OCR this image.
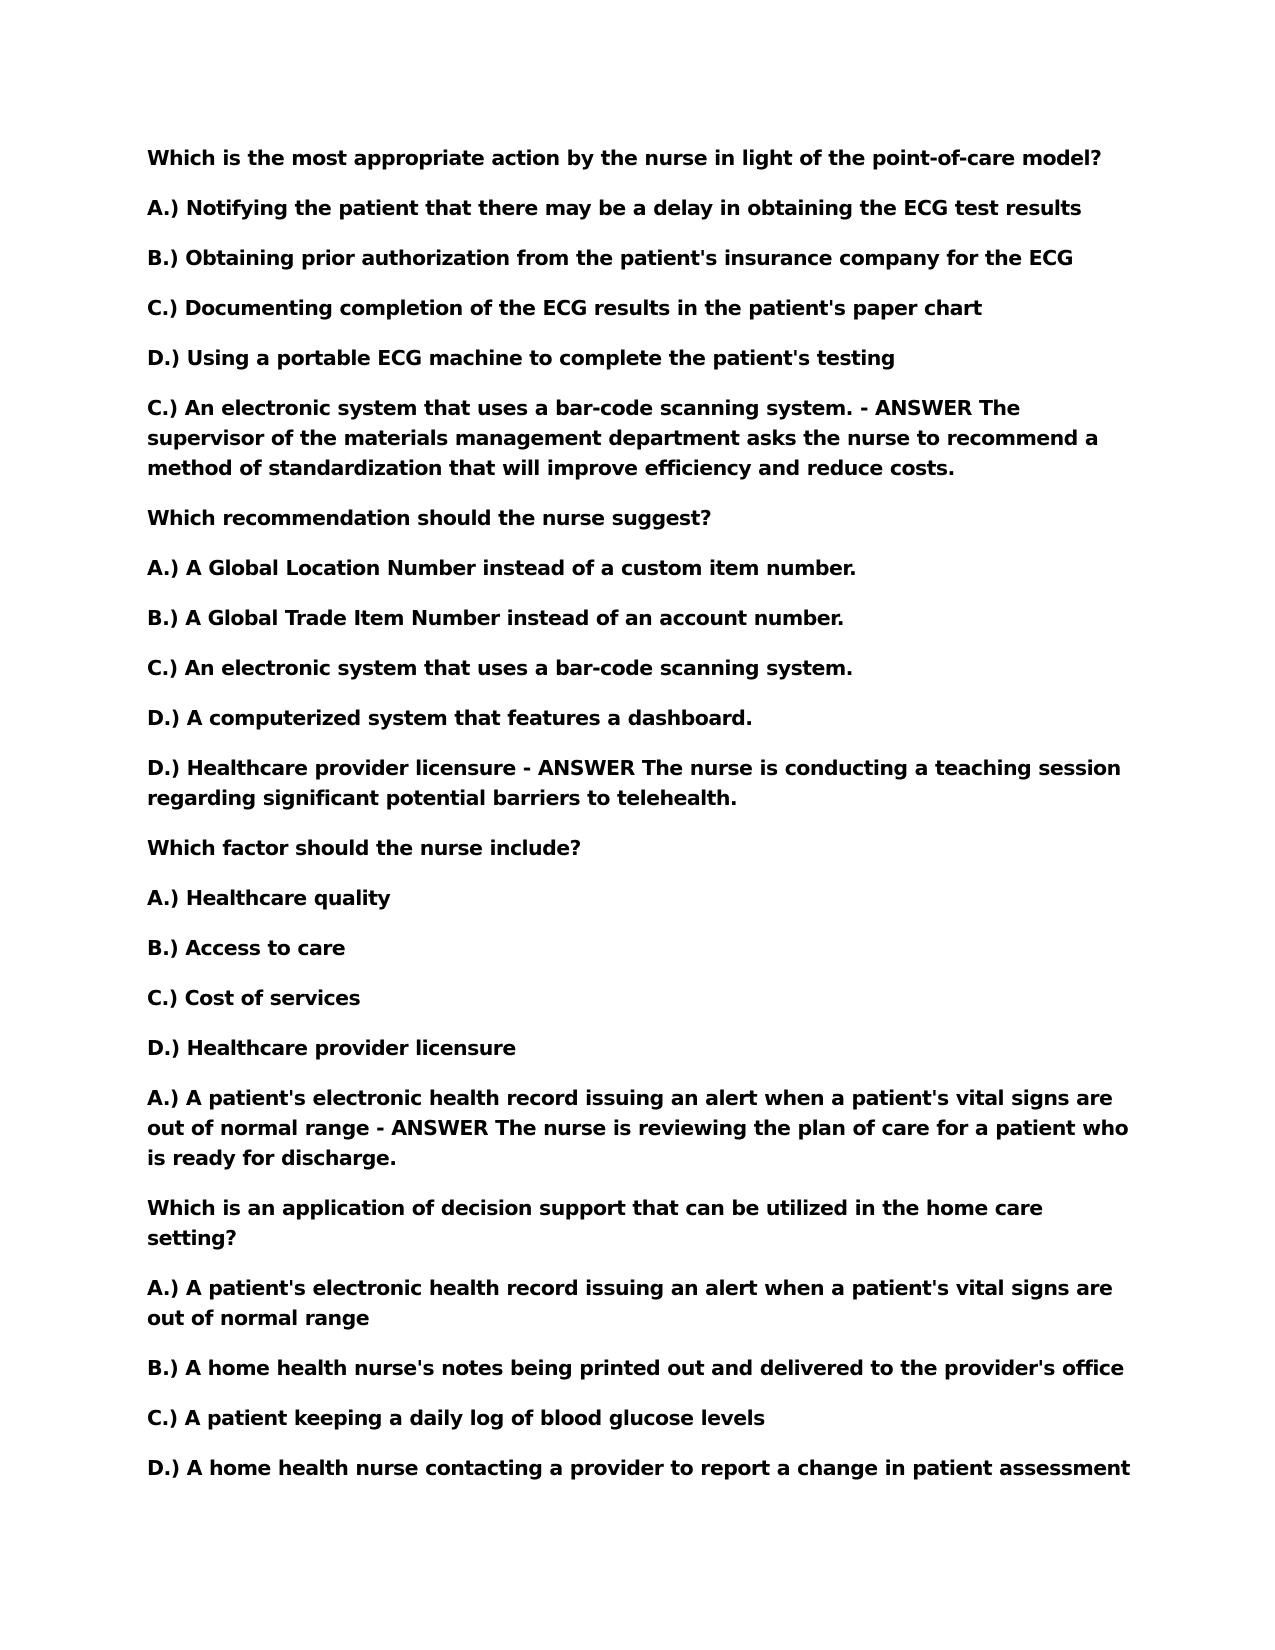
Which is the most appropriate action by the nurse in light of the point-of-care model?

A.) Notifying the patient that there may be a delay in obtaining the ECG test results

B.) Obtaining prior authorization from the patient's insurance company for the ECG

C.) Documenting completion of the ECG results in the patient's paper chart

D.) Using a portable ECG machine to complete the patient's testing

C.) An electronic system that uses a bar-code scanning system. - ANSWER The supervisor of the materials management department asks the nurse to recommend a method of standardization that will improve efficiency and reduce costs.

Which recommendation should the nurse suggest?

A.) A Global Location Number instead of a custom item number.

B.) A Global Trade Item Number instead of an account number.

C.) An electronic system that uses a bar-code scanning system.

D.) A computerized system that features a dashboard.

D.) Healthcare provider licensure - ANSWER The nurse is conducting a teaching session regarding significant potential barriers to telehealth.

Which factor should the nurse include?

A.) Healthcare quality

B.) Access to care

C.) Cost of services

D.) Healthcare provider licensure

A.) A patient's electronic health record issuing an alert when a patient's vital signs are out of normal range - ANSWER The nurse is reviewing the plan of care for a patient who is ready for discharge.

Which is an application of decision support that can be utilized in the home care setting?

A.) A patient's electronic health record issuing an alert when a patient's vital signs are out of normal range

B.) A home health nurse's notes being printed out and delivered to the provider's office

C.) A patient keeping a daily log of blood glucose levels

D.) A home health nurse contacting a provider to report a change in patient assessment
